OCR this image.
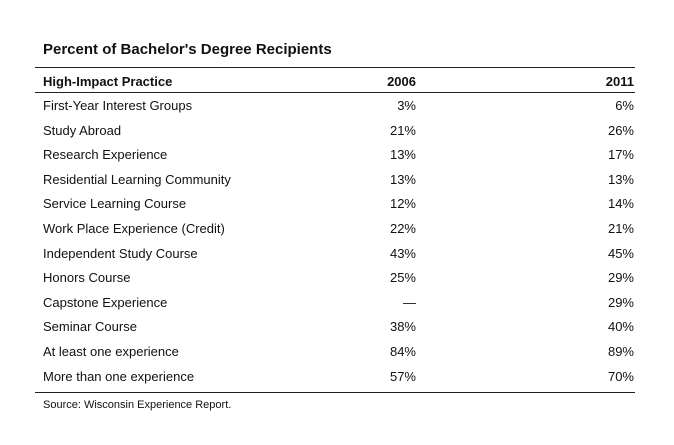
Percent of Bachelor's Degree Recipients
High-Impact Practice	2006	2011
First-Year Interest Groups	3%	6%
Study Abroad	21%	26%
Research Experience	13%	17%
Residential Learning Community	13%	13%
Service Learning Course	12%	14%
Work Place Experience (Credit)	22%	21%
Independent Study Course	43%	45%
Honors Course	25%	29%
Capstone Experience	—	29%
Seminar Course	38%	40%
At least one experience	84%	89%
More than one experience	57%	70%
Source: Wisconsin Experience Report.
